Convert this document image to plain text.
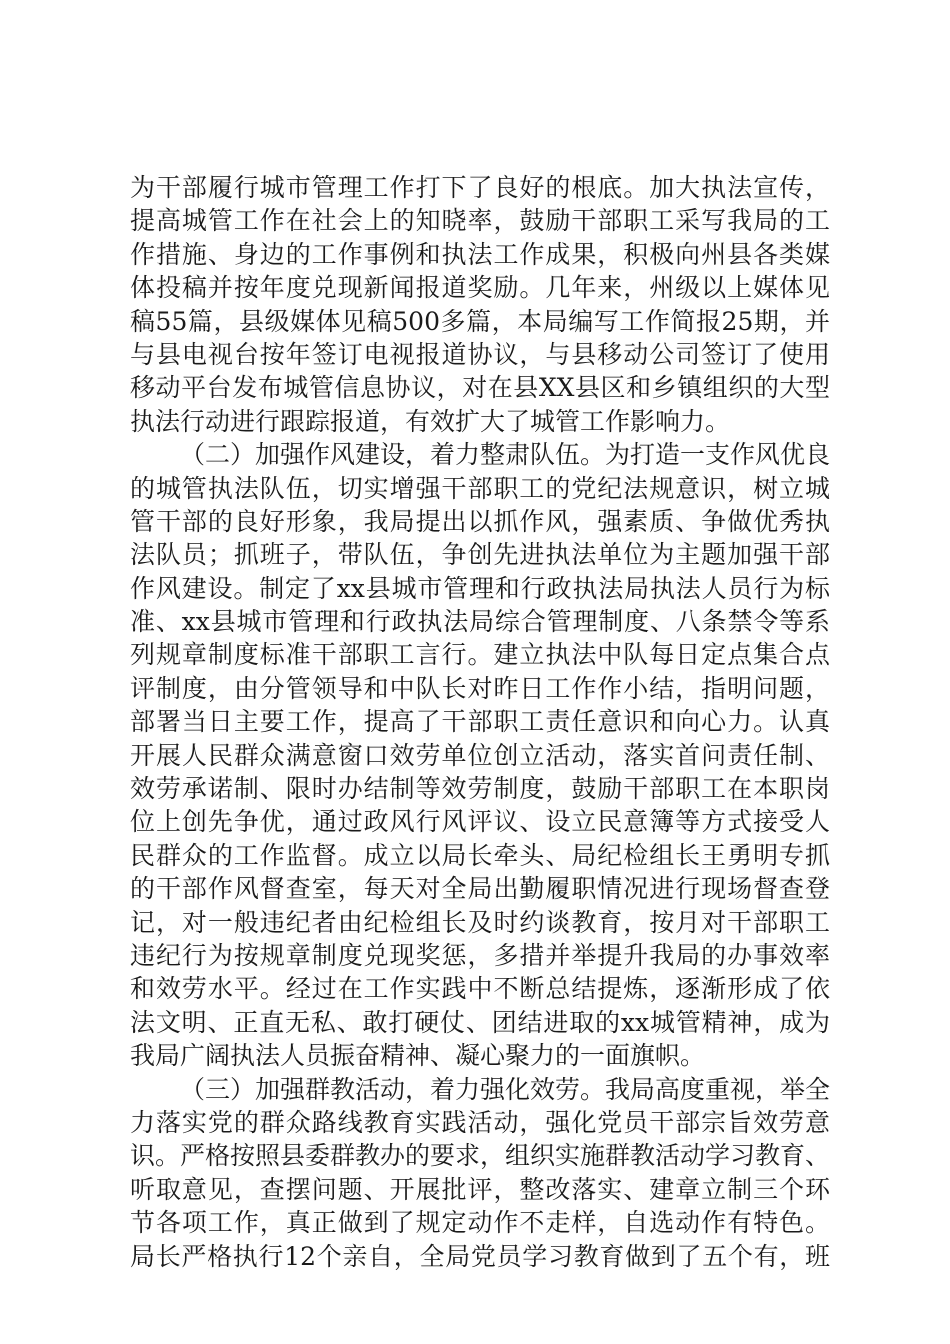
为干部履行城市管理工作打下了良好的根底。加大执法宣传，
提高城管工作在社会上的知晓率，鼓励干部职工采写我局的工
作措施、身边的工作事例和执法工作成果，积极向州县各类媒
体投稿并按年度兑现新闻报道奖励。几年来，州级以上媒体见
稿55篇，县级媒体见稿500多篇，本局编写工作简报25期，并
与县电视台按年签订电视报道协议，与县移动公司签订了使用
移动平台发布城管信息协议，对在县XX县区和乡镇组织的大型
执法行动进行跟踪报道，有效扩大了城管工作影响力。
（二）加强作风建设，着力整肃队伍。为打造一支作风优良
的城管执法队伍，切实增强干部职工的党纪法规意识，树立城
管干部的良好形象，我局提出以抓作风，强素质、争做优秀执
法队员；抓班子，带队伍，争创先进执法单位为主题加强干部
作风建设。制定了xx县城市管理和行政执法局执法人员行为标
准、xx县城市管理和行政执法局综合管理制度、八条禁令等系
列规章制度标准干部职工言行。建立执法中队每日定点集合点
评制度，由分管领导和中队长对昨日工作作小结，指明问题，
部署当日主要工作，提高了干部职工责任意识和向心力。认真
开展人民群众满意窗口效劳单位创立活动，落实首问责任制、
效劳承诺制、限时办结制等效劳制度，鼓励干部职工在本职岗
位上创先争优，通过政风行风评议、设立民意簿等方式接受人
民群众的工作监督。成立以局长牵头、局纪检组长王勇明专抓
的干部作风督查室，每天对全局出勤履职情况进行现场督查登
记，对一般违纪者由纪检组长及时约谈教育，按月对干部职工
违纪行为按规章制度兑现奖惩，多措并举提升我局的办事效率
和效劳水平。经过在工作实践中不断总结提炼，逐渐形成了依
法文明、正直无私、敢打硬仗、团结进取的xx城管精神，成为
我局广阔执法人员振奋精神、凝心聚力的一面旗帜。
（三）加强群教活动，着力强化效劳。我局高度重视，举全
力落实党的群众路线教育实践活动，强化党员干部宗旨效劳意
识。严格按照县委群教办的要求，组织实施群教活动学习教育、
听取意见，查摆问题、开展批评，整改落实、建章立制三个环
节各项工作，真正做到了规定动作不走样，自选动作有特色。
局长严格执行12个亲自，全局党员学习教育做到了五个有，班
